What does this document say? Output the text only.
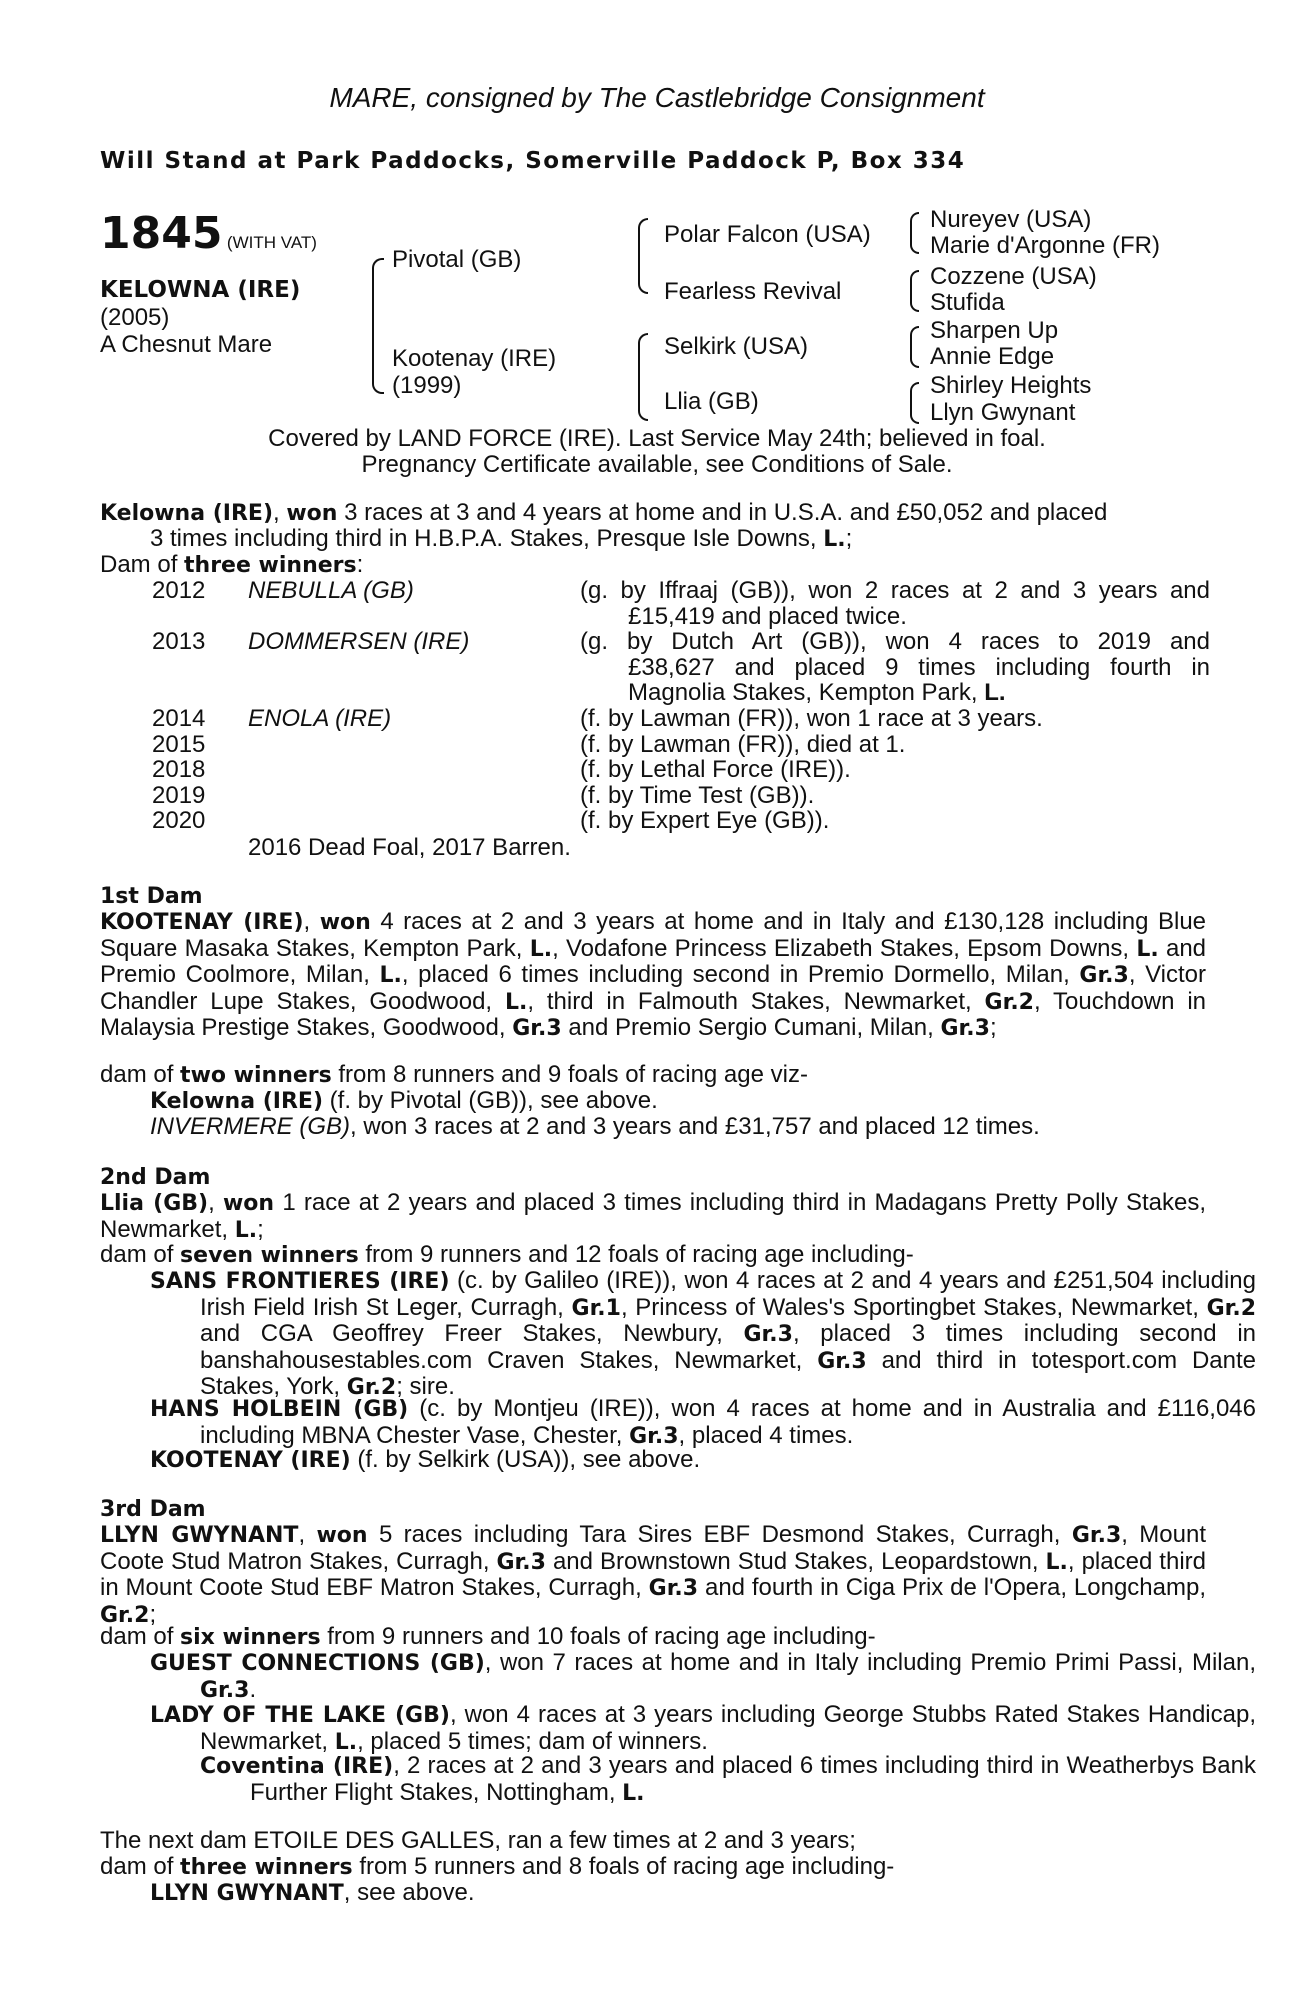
MARE, consigned by The Castlebridge Consignment
Will Stand at Park Paddocks, Somerville Paddock P, Box 334
1845 (WITH VAT)
KELOWNA (IRE)
(2005)
A Chesnut Mare
Pivotal (GB)
Kootenay (IRE)
(1999)
Polar Falcon (USA)
Fearless Revival
Selkirk (USA)
Llia (GB)
Nureyev (USA)
Marie d'Argonne (FR)
Cozzene (USA)
Stufida
Sharpen Up
Annie Edge
Shirley Heights
Llyn Gwynant
Covered by LAND FORCE (IRE). Last Service May 24th; believed in foal.
Pregnancy Certificate available, see Conditions of Sale.
Kelowna (IRE), won 3 races at 3 and 4 years at home and in U.S.A. and £50,052 and placed
3 times including third in H.B.P.A. Stakes, Presque Isle Downs, L.;
Dam of three winners:
2012 NEBULLA (GB)	(g. by Iffraaj (GB)), won 2 races at 2 and 3 years and
£15,419 and placed twice.
2013 DOMMERSEN (IRE)	(g. by Dutch Art (GB)), won 4 races to 2019 and
£38,627 and placed 9 times including fourth in
Magnolia Stakes, Kempton Park, L.
2014 ENOLA (IRE)	(f. by Lawman (FR)), won 1 race at 3 years.
2015	(f. by Lawman (FR)), died at 1.
2018	(f. by Lethal Force (IRE)).
2019	(f. by Time Test (GB)).
2020	(f. by Expert Eye (GB)).
2016 Dead Foal, 2017 Barren.
1st Dam
KOOTENAY (IRE), won 4 races at 2 and 3 years at home and in Italy and £130,128 including Blue Square Masaka Stakes, Kempton Park, L., Vodafone Princess Elizabeth Stakes, Epsom Downs, L. and Premio Coolmore, Milan, L., placed 6 times including second in Premio Dormello, Milan, Gr.3, Victor Chandler Lupe Stakes, Goodwood, L., third in Falmouth Stakes, Newmarket, Gr.2, Touchdown in Malaysia Prestige Stakes, Goodwood, Gr.3 and Premio Sergio Cumani, Milan, Gr.3;
dam of two winners from 8 runners and 9 foals of racing age viz-
Kelowna (IRE) (f. by Pivotal (GB)), see above.
INVERMERE (GB), won 3 races at 2 and 3 years and £31,757 and placed 12 times.
2nd Dam
Llia (GB), won 1 race at 2 years and placed 3 times including third in Madagans Pretty Polly Stakes, Newmarket, L.;
dam of seven winners from 9 runners and 12 foals of racing age including-
SANS FRONTIERES (IRE) (c. by Galileo (IRE)), won 4 races at 2 and 4 years and £251,504 including Irish Field Irish St Leger, Curragh, Gr.1, Princess of Wales's Sportingbet Stakes, Newmarket, Gr.2 and CGA Geoffrey Freer Stakes, Newbury, Gr.3, placed 3 times including second in banshahousestables.com Craven Stakes, Newmarket, Gr.3 and third in totesport.com Dante Stakes, York, Gr.2; sire.
HANS HOLBEIN (GB) (c. by Montjeu (IRE)), won 4 races at home and in Australia and £116,046 including MBNA Chester Vase, Chester, Gr.3, placed 4 times.
KOOTENAY (IRE) (f. by Selkirk (USA)), see above.
3rd Dam
LLYN GWYNANT, won 5 races including Tara Sires EBF Desmond Stakes, Curragh, Gr.3, Mount Coote Stud Matron Stakes, Curragh, Gr.3 and Brownstown Stud Stakes, Leopardstown, L., placed third in Mount Coote Stud EBF Matron Stakes, Curragh, Gr.3 and fourth in Ciga Prix de l'Opera, Longchamp, Gr.2;
dam of six winners from 9 runners and 10 foals of racing age including-
GUEST CONNECTIONS (GB), won 7 races at home and in Italy including Premio Primi Passi, Milan, Gr.3.
LADY OF THE LAKE (GB), won 4 races at 3 years including George Stubbs Rated Stakes Handicap, Newmarket, L., placed 5 times; dam of winners.
Coventina (IRE), 2 races at 2 and 3 years and placed 6 times including third in Weatherbys Bank Further Flight Stakes, Nottingham, L.
The next dam ETOILE DES GALLES, ran a few times at 2 and 3 years;
dam of three winners from 5 runners and 8 foals of racing age including-
LLYN GWYNANT, see above.
